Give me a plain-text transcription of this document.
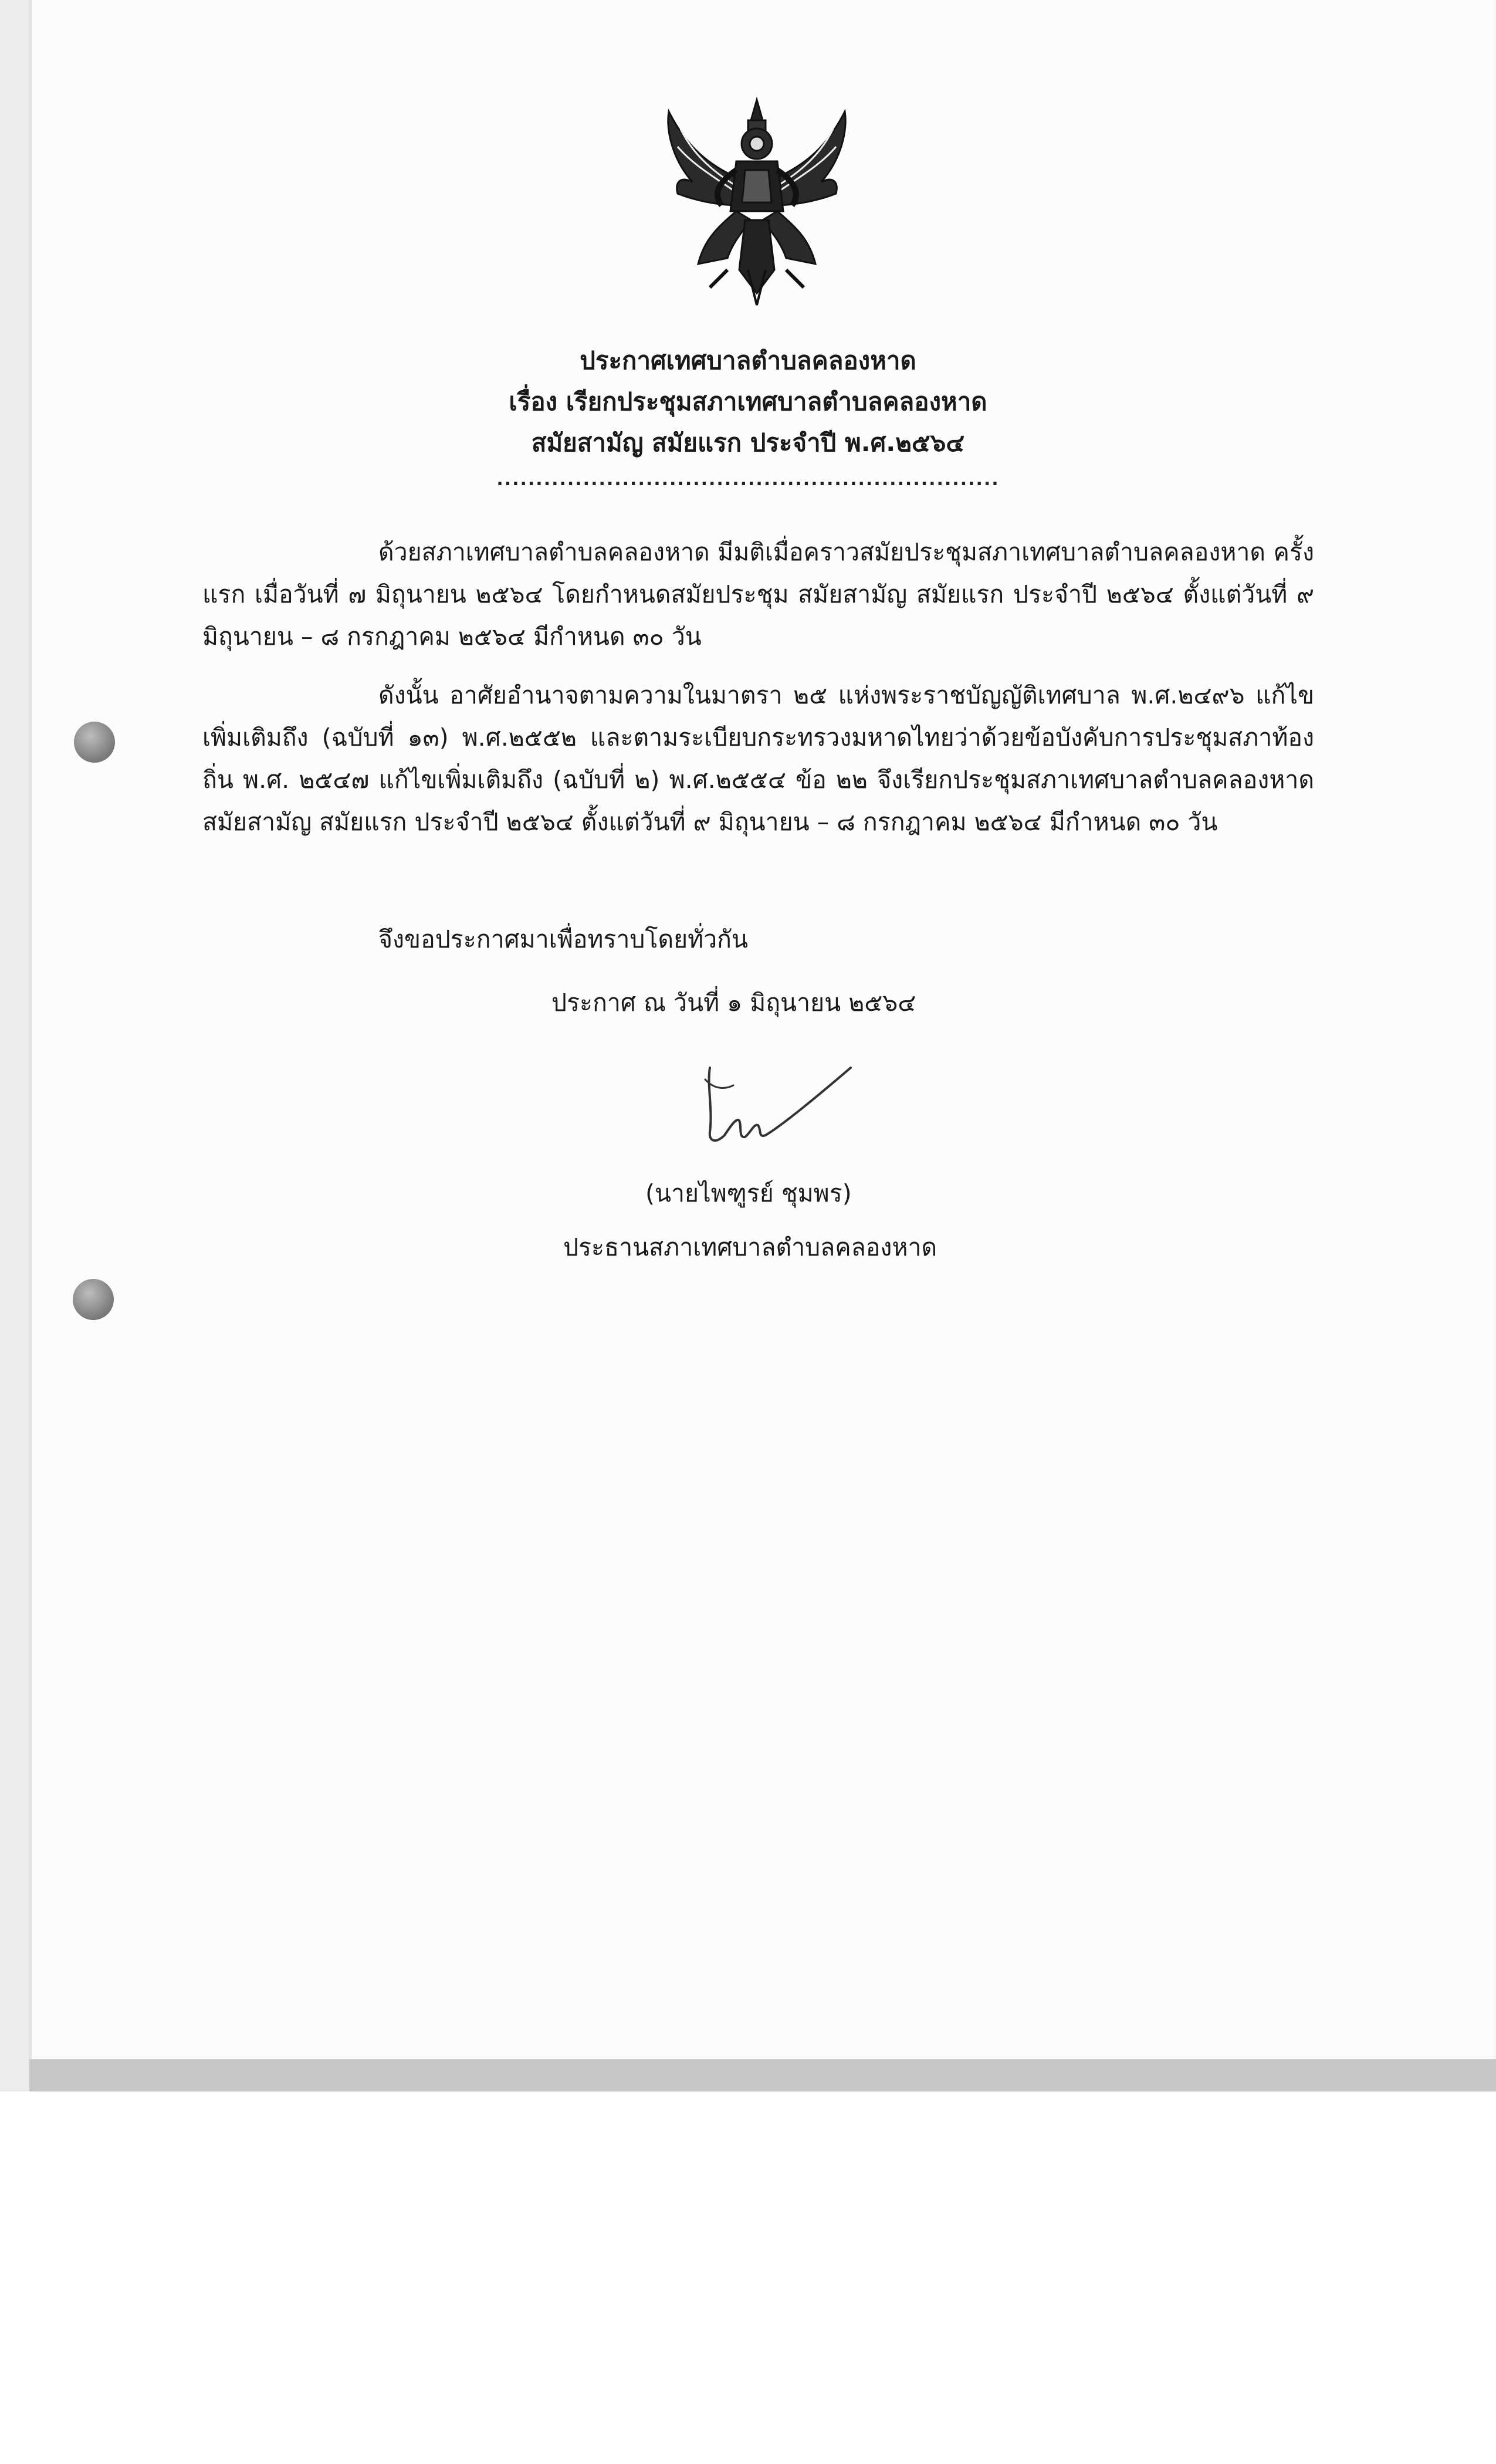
ประกาศเทศบาลตำบลคลองหาด
เรื่อง เรียกประชุมสภาเทศบาลตำบลคลองหาด
สมัยสามัญ สมัยแรก ประจำปี พ.ศ.๒๕๖๔
................................................................

ด้วยสภาเทศบาลตำบลคลองหาด มีมติเมื่อคราวสมัยประชุมสภาเทศบาลตำบลคลองหาด ครั้งแรก เมื่อวันที่ ๗ มิถุนายน ๒๕๖๔ โดยกำหนดสมัยประชุม สมัยสามัญ สมัยแรก ประจำปี ๒๕๖๔ ตั้งแต่วันที่ ๙ มิถุนายน – ๘ กรกฎาคม ๒๕๖๔ มีกำหนด ๓๐ วัน

ดังนั้น อาศัยอำนาจตามความในมาตรา ๒๕ แห่งพระราชบัญญัติเทศบาล พ.ศ.๒๔๙๖ แก้ไขเพิ่มเติมถึง (ฉบับที่ ๑๓) พ.ศ.๒๕๕๒ และตามระเบียบกระทรวงมหาดไทยว่าด้วยข้อบังคับการประชุมสภาท้องถิ่น พ.ศ. ๒๕๔๗ แก้ไขเพิ่มเติมถึง (ฉบับที่ ๒) พ.ศ.๒๕๕๔ ข้อ ๒๒ จึงเรียกประชุมสภาเทศบาลตำบลคลองหาด สมัยสามัญ สมัยแรก ประจำปี ๒๕๖๔ ตั้งแต่วันที่ ๙ มิถุนายน – ๘ กรกฎาคม ๒๕๖๔ มีกำหนด ๓๐ วัน

จึงขอประกาศมาเพื่อทราบโดยทั่วกัน
ประกาศ ณ วันที่ ๑ มิถุนายน ๒๕๖๔
(นายไพฑูรย์ ชุมพร)
ประธานสภาเทศบาลตำบลคลองหาด
